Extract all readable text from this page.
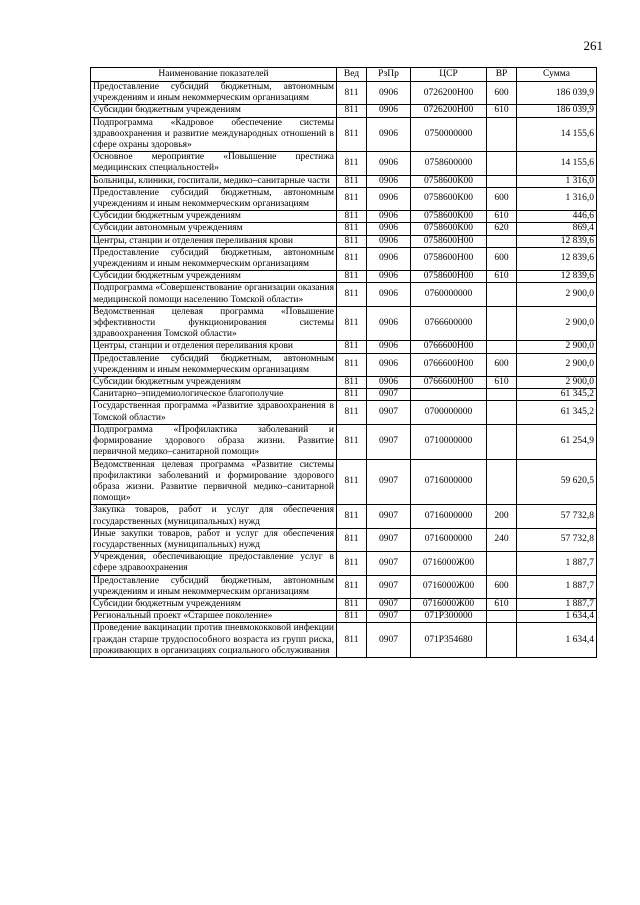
261
Наименование показателей	Вед	РзПр	ЦСР	ВР	Сумма
Предоставление субсидий бюджетным, автономным учреждениям и иным некоммерческим организациям	811	0906	0726200Н00	600	186 039,9
Субсидии бюджетным учреждениям	811	0906	0726200Н00	610	186 039,9
Подпрограмма «Кадровое обеспечение системы здравоохранения и развитие международных отношений в сфере охраны здоровья»	811	0906	0750000000		14 155,6
Основное мероприятие «Повышение престижа медицинских специальностей»	811	0906	0758600000		14 155,6
Больницы, клиники, госпитали, медико–санитарные части	811	0906	0758600К00		1 316,0
Предоставление субсидий бюджетным, автономным учреждениям и иным некоммерческим организациям	811	0906	0758600К00	600	1 316,0
Субсидии бюджетным учреждениям	811	0906	0758600К00	610	446,6
Субсидии автономным учреждениям	811	0906	0758600К00	620	869,4
Центры, станции и отделения переливания крови	811	0906	0758600Н00		12 839,6
Предоставление субсидий бюджетным, автономным учреждениям и иным некоммерческим организациям	811	0906	0758600Н00	600	12 839,6
Субсидии бюджетным учреждениям	811	0906	0758600Н00	610	12 839,6
Подпрограмма «Совершенствование организации оказания медицинской помощи населению Томской области»	811	0906	0760000000		2 900,0
Ведомственная целевая программа «Повышение эффективности функционирования системы здравоохранения Томской области»	811	0906	0766600000		2 900,0
Центры, станции и отделения переливания крови	811	0906	0766600Н00		2 900,0
Предоставление субсидий бюджетным, автономным учреждениям и иным некоммерческим организациям	811	0906	0766600Н00	600	2 900,0
Субсидии бюджетным учреждениям	811	0906	0766600Н00	610	2 900,0
Санитарно–эпидемиологическое благополучие	811	0907			61 345,2
Государственная программа «Развитие здравоохранения в Томской области»	811	0907	0700000000		61 345,2
Подпрограмма «Профилактика заболеваний и формирование здорового образа жизни. Развитие первичной медико–санитарной помощи»	811	0907	0710000000		61 254,9
Ведомственная целевая программа «Развитие системы профилактики заболеваний и формирование здорового образа жизни. Развитие первичной медико–санитарной помощи»	811	0907	0716000000		59 620,5
Закупка товаров, работ и услуг для обеспечения государственных (муниципальных) нужд	811	0907	0716000000	200	57 732,8
Иные закупки товаров, работ и услуг для обеспечения государственных (муниципальных) нужд	811	0907	0716000000	240	57 732,8
Учреждения, обеспечивающие предоставление услуг в сфере здравоохранения	811	0907	0716000Ж00		1 887,7
Предоставление субсидий бюджетным, автономным учреждениям и иным некоммерческим организациям	811	0907	0716000Ж00	600	1 887,7
Субсидии бюджетным учреждениям	811	0907	0716000Ж00	610	1 887,7
Региональный проект «Старшее поколение»	811	0907	071P300000		1 634,4
Проведение вакцинации против пневмококковой инфекции граждан старше трудоспособного возраста из групп риска, проживающих в организациях социального обслуживания	811	0907	071P354680		1 634,4
